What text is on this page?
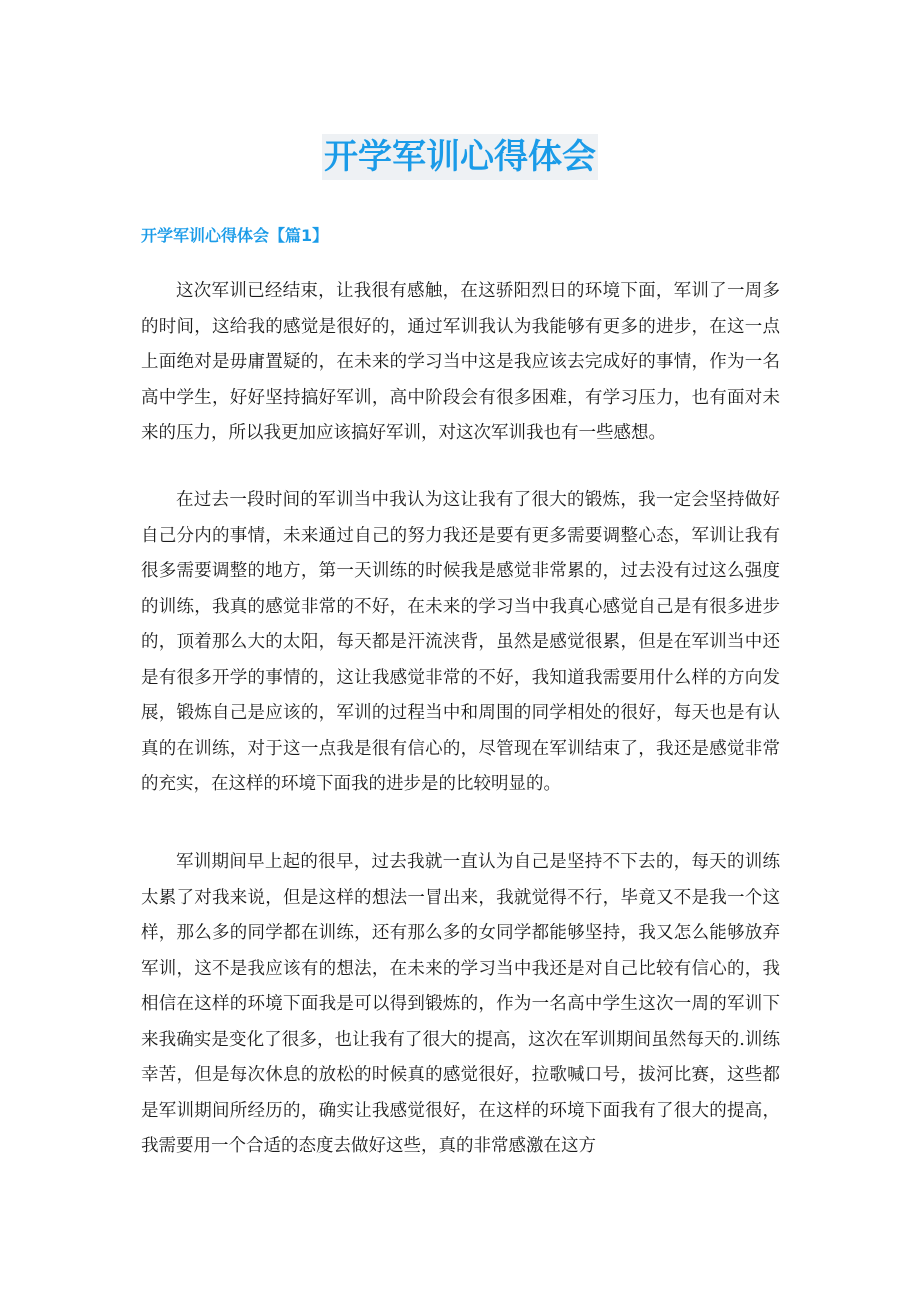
开学军训心得体会
开学军训心得体会【篇1】

这次军训已经结束，让我很有感触，在这骄阳烈日的环境下面，军训了一周多的时间，这给我的感觉是很好的，通过军训我认为我能够有更多的进步，在这一点上面绝对是毋庸置疑的，在未来的学习当中这是我应该去完成好的事情，作为一名高中学生，好好坚持搞好军训，高中阶段会有很多困难，有学习压力，也有面对未来的压力，所以我更加应该搞好军训，对这次军训我也有一些感想。

在过去一段时间的军训当中我认为这让我有了很大的锻炼，我一定会坚持做好自己分内的事情，未来通过自己的努力我还是要有更多需要调整心态，军训让我有很多需要调整的地方，第一天训练的时候我是感觉非常累的，过去没有过这么强度的训练，我真的感觉非常的不好，在未来的学习当中我真心感觉自己是有很多进步的，顶着那么大的太阳，每天都是汗流浃背，虽然是感觉很累，但是在军训当中还是有很多开学的事情的，这让我感觉非常的不好，我知道我需要用什么样的方向发展，锻炼自己是应该的，军训的过程当中和周围的同学相处的很好，每天也是有认真的在训练，对于这一点我是很有信心的，尽管现在军训结束了，我还是感觉非常的充实，在这样的环境下面我的进步是的比较明显的。

军训期间早上起的很早，过去我就一直认为自己是坚持不下去的，每天的训练太累了对我来说，但是这样的想法一冒出来，我就觉得不行，毕竟又不是我一个这样，那么多的同学都在训练，还有那么多的女同学都能够坚持，我又怎么能够放弃军训，这不是我应该有的想法，在未来的学习当中我还是对自己比较有信心的，我相信在这样的环境下面我是可以得到锻炼的，作为一名高中学生这次一周的军训下来我确实是变化了很多，也让我有了很大的提高，这次在军训期间虽然每天的.训练幸苦，但是每次休息的放松的时候真的感觉很好，拉歌喊口号，拔河比赛，这些都是军训期间所经历的，确实让我感觉很好，在这样的环境下面我有了很大的提高，我需要用一个合适的态度去做好这些，真的非常感激在这方
